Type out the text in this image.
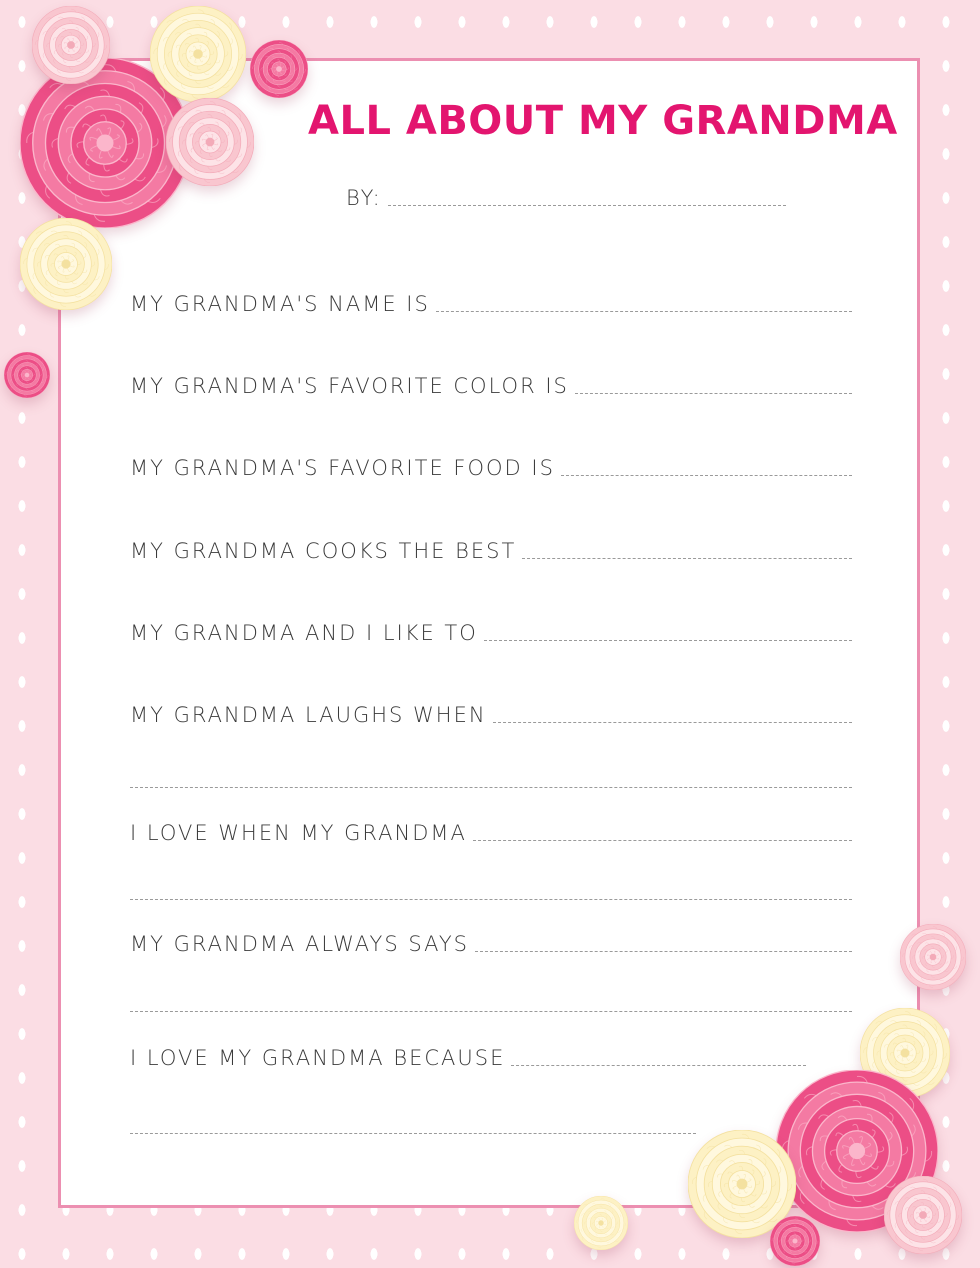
ALL ABOUT MY GRANDMA
BY:
MY GRANDMA'S NAME IS
MY GRANDMA'S FAVORITE COLOR IS
MY GRANDMA'S FAVORITE FOOD IS
MY GRANDMA COOKS THE BEST
MY GRANDMA AND I LIKE TO
MY GRANDMA LAUGHS WHEN
I LOVE WHEN MY GRANDMA
MY GRANDMA ALWAYS SAYS
I LOVE MY GRANDMA BECAUSE
